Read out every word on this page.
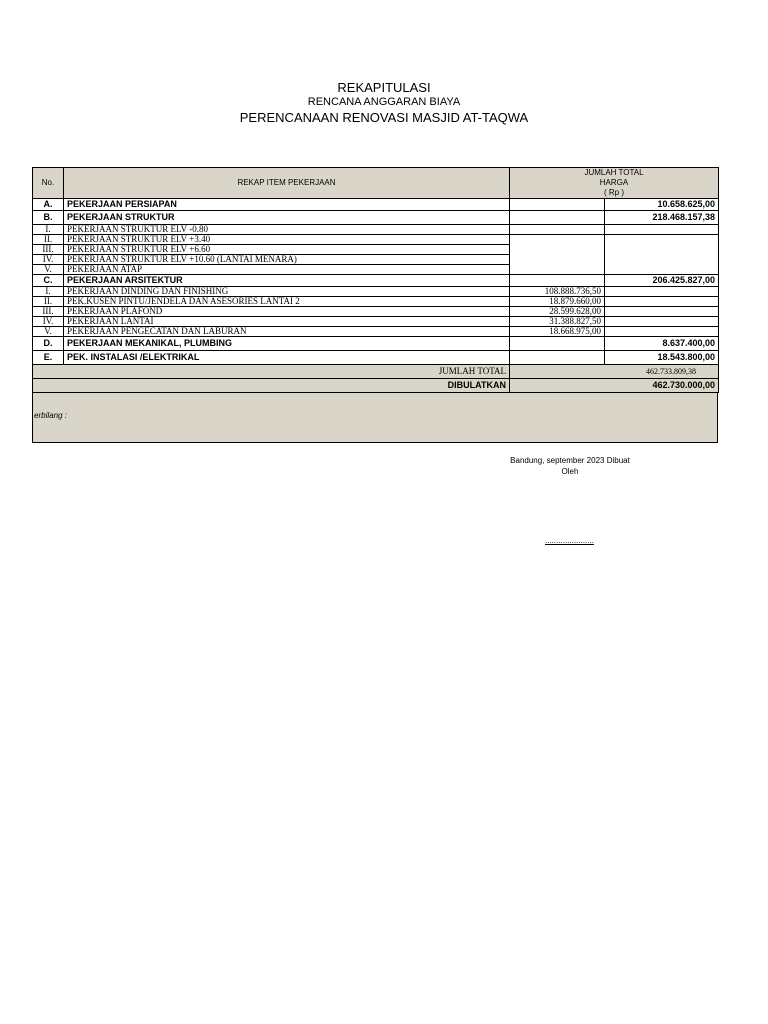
REKAPITULASI
RENCANA ANGGARAN BIAYA
PERENCANAAN RENOVASI MASJID AT-TAQWA
No.	REKAP ITEM PEKERJAAN	JUMLAH TOTAL
HARGA
( Rp )	

A.	PEKERJAAN PERSIAPAN		10.658.625,00
B.	PEKERJAAN STRUKTUR		218.468.157,38
I.	PEKERJAAN STRUKTUR ELV -0.80		
II.	PEKERJAAN STRUKTUR ELV +3.40		
III.	PEKERJAAN STRUKTUR ELV +6.60		
IV.	PEKERJAAN STRUKTUR ELV +10.60 (LANTAI MENARA)		
V.	PEKERJAAN ATAP		
C.	PEKERJAAN ARSITEKTUR		206.425.827,00
I.	PEKERJAAN DINDING DAN FINISHING	108.888.736,50	
II.	PEK.KUSEN PINTU/JENDELA DAN ASESORIES LANTAI 2	18.879.660,00	
III.	PEKERJAAN PLAFOND	28.599.628,00	
IV.	PEKERJAAN LANTAI	31.388.827,50	
V.	PEKERJAAN PENGECATAN DAN LABURAN	18.668.975,00	
D.	PEKERJAAN MEKANIKAL, PLUMBING		8.637.400,00
E.	PEK. INSTALASI /ELEKTRIKAL		18.543.800,00
	JUMLAH TOTAL	462.733.809,38	
	DIBULATKAN	462.730.000,00	
erbilang :
Bandung, september 2023 Dibuat
Oleh
......................
